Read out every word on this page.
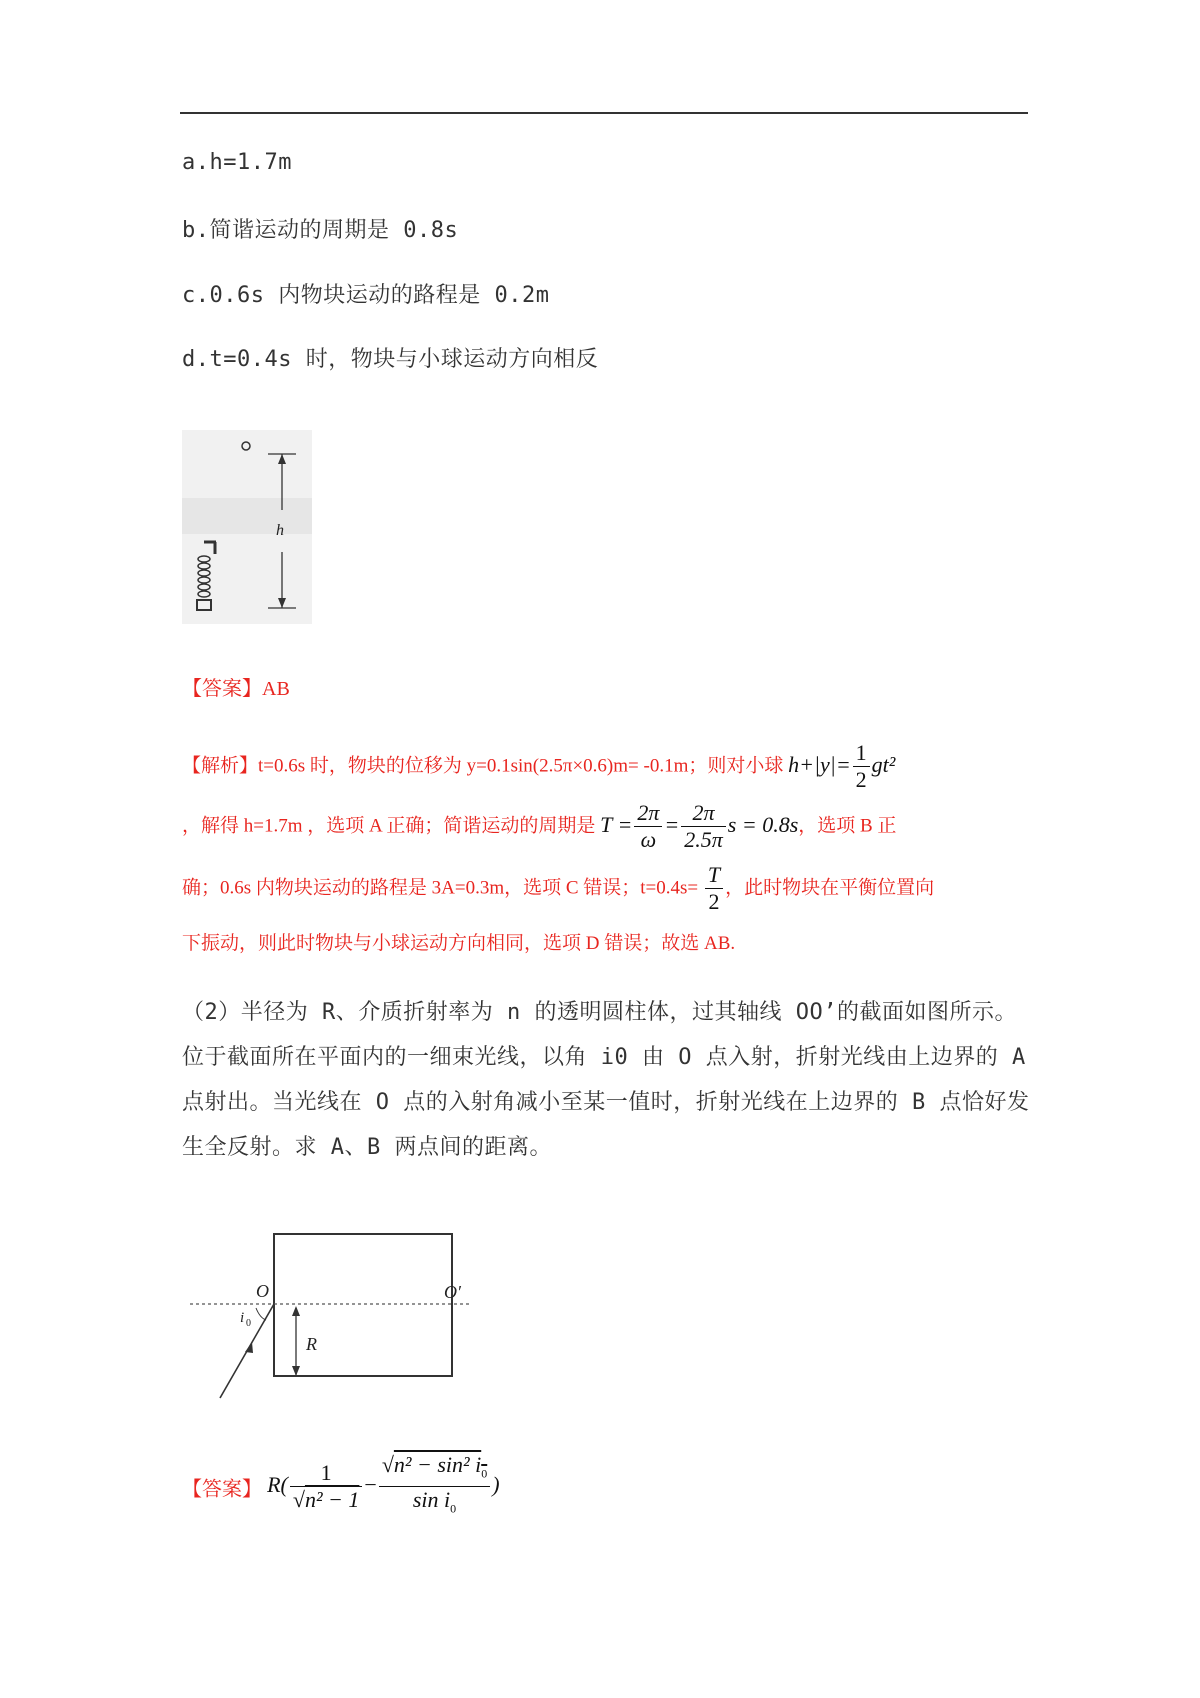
a.h=1.7m
b.简谐运动的周期是 0.8s
c.0.6s 内物块运动的路程是 0.2m
d.t=0.4s 时，物块与小球运动方向相反
h
【答案】AB
【解析】t=0.6s 时，物块的位移为 y=0.1sin(2.5π×0.6)m= -0.1m；则对小球 $h+|y|= \frac{1}{2} gt^2$
，解得 h=1.7m ，选项 A 正确；简谐运动的周期是 $T = \frac{2\pi}{\omega} = \frac{2\pi}{2.5\pi}$ s = 0.8s，选项 B 正
确；0.6s 内物块运动的路程是 3A=0.3m，选项 C 错误；$t=0.4s= \frac{T}{2}$ ，此时物块在平衡位置向
下振动，则此时物块与小球运动方向相同，选项 D 错误；故选 AB.
（2）半径为 R、介质折射率为 n 的透明圆柱体，过其轴线 OO’的截面如图所示。位于截面所在平面内的一细束光线，以角 i0 由 O 点入射，折射光线由上边界的 A 点射出。当光线在 O 点的入射角减小至某一值时，折射光线在上边界的 B 点恰好发生全反射。求 A、B 两点间的距离。
O	O′
R
i 0
【答案】 $R( \frac{1}{\text{√n² − 1}} - \frac{√n^2 - \sin^2 i_0}{\sin i_0}$ )
